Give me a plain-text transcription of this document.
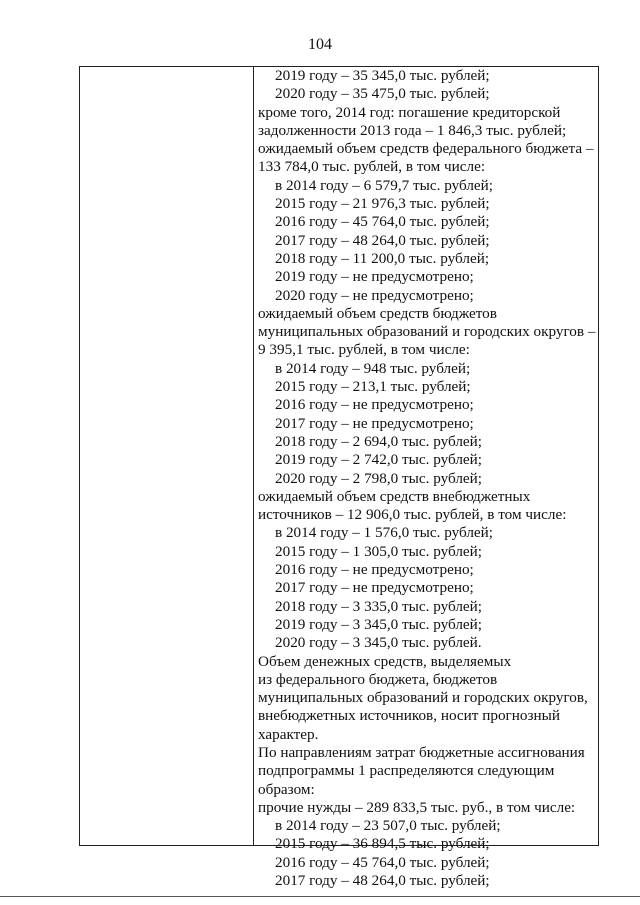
104
2019 году – 35 345,0 тыс. рублей;
2020 году – 35 475,0 тыс. рублей;
кроме того, 2014 год: погашение кредиторской
задолженности 2013 года – 1 846,3 тыс. рублей;
ожидаемый объем средств федерального бюджета –
133 784,0 тыс. рублей, в том числе:
в 2014 году – 6 579,7 тыс. рублей;
2015 году – 21 976,3 тыс. рублей;
2016 году – 45 764,0 тыс. рублей;
2017 году – 48 264,0 тыс. рублей;
2018 году – 11 200,0 тыс. рублей;
2019 году – не предусмотрено;
2020 году – не предусмотрено;
ожидаемый объем средств бюджетов
муниципальных образований и городских округов –
9 395,1 тыс. рублей, в том числе:
в 2014 году – 948 тыс. рублей;
2015 году – 213,1 тыс. рублей;
2016 году – не предусмотрено;
2017 году – не предусмотрено;
2018 году – 2 694,0 тыс. рублей;
2019 году – 2 742,0 тыс. рублей;
2020 году – 2 798,0 тыс. рублей;
ожидаемый объем средств внебюджетных
источников – 12 906,0 тыс. рублей, в том числе:
в 2014 году – 1 576,0 тыс. рублей;
2015 году – 1 305,0 тыс. рублей;
2016 году – не предусмотрено;
2017 году – не предусмотрено;
2018 году – 3 335,0 тыс. рублей;
2019 году – 3 345,0 тыс. рублей;
2020 году – 3 345,0 тыс. рублей.
Объем денежных средств, выделяемых
из федерального бюджета, бюджетов
муниципальных образований и городских округов,
внебюджетных источников, носит прогнозный
характер.
По направлениям затрат бюджетные ассигнования
подпрограммы 1 распределяются следующим
образом:
прочие нужды – 289 833,5 тыс. руб., в том числе:
в 2014 году – 23 507,0 тыс. рублей;
2015 году – 36 894,5 тыс. рублей;
2016 году – 45 764,0 тыс. рублей;
2017 году – 48 264,0 тыс. рублей;
